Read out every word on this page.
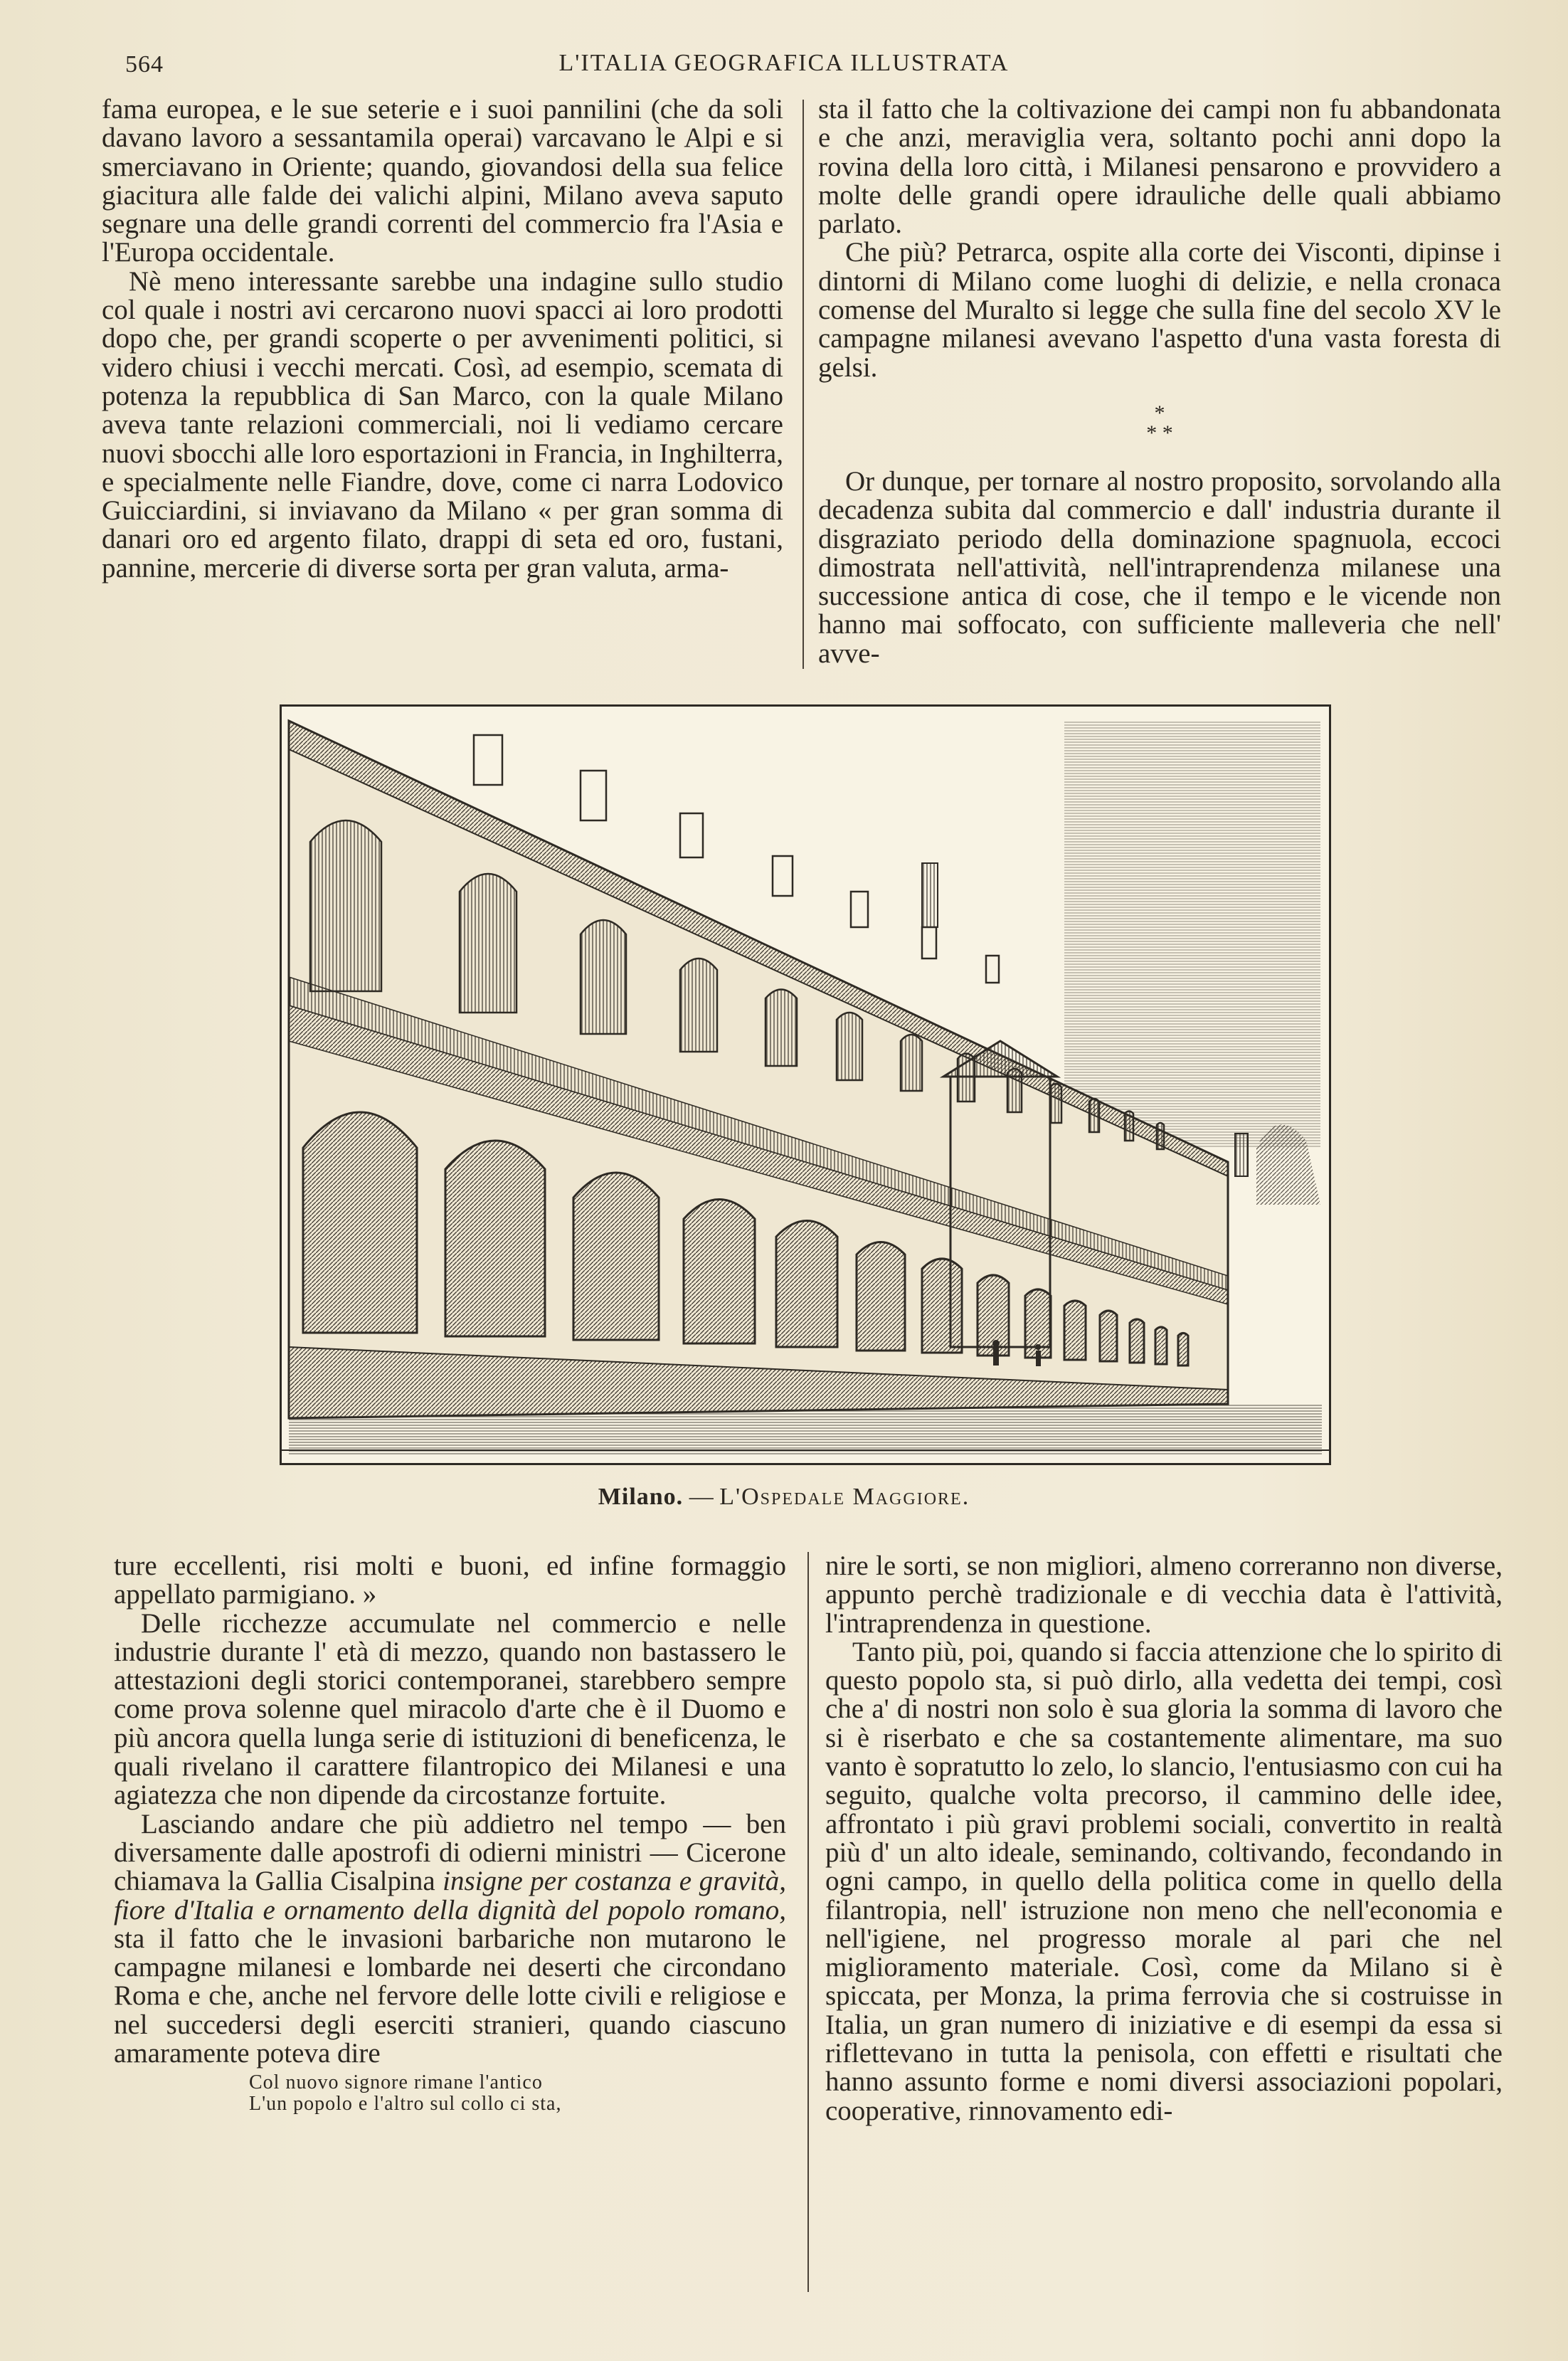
564	L'ITALIA GEOGRAFICA ILLUSTRATA

fama europea, e le sue seterie e i suoi pannilini (che da soli davano lavoro a sessantamila operai) varcavano le Alpi e si smerciavano in Oriente; quando, giovandosi della sua felice giacitura alle falde dei valichi alpini, Milano aveva saputo segnare una delle grandi correnti del commercio fra l'Asia e l'Europa occidentale.

Nè meno interessante sarebbe una indagine sullo studio col quale i nostri avi cercarono nuovi spacci ai loro prodotti dopo che, per grandi scoperte o per avvenimenti politici, si videro chiusi i vecchi mercati. Così, ad esempio, scemata di potenza la repubblica di San Marco, con la quale Milano aveva tante relazioni commerciali, noi li vediamo cercare nuovi sbocchi alle loro esportazioni in Francia, in Inghilterra, e specialmente nelle Fiandre, dove, come ci narra Lodovico Guicciardini, si inviavano da Milano « per gran somma di danari oro ed argento filato, drappi di seta ed oro, fustani, pannine, mercerie di diverse sorta per gran valuta, arma-

sta il fatto che la coltivazione dei campi non fu abbandonata e che anzi, meraviglia vera, soltanto pochi anni dopo la rovina della loro città, i Milanesi pensarono e provvidero a molte delle grandi opere idrauliche delle quali abbiamo parlato.

Che più? Petrarca, ospite alla corte dei Visconti, dipinse i dintorni di Milano come luoghi di delizie, e nella cronaca comense del Muralto si legge che sulla fine del secolo XV le campagne milanesi avevano l'aspetto d'una vasta foresta di gelsi.

*
* *

Or dunque, per tornare al nostro proposito, sorvolando alla decadenza subita dal commercio e dall' industria durante il disgraziato periodo della dominazione spagnuola, eccoci dimostrata nell'attività, nell'intraprendenza milanese una successione antica di cose, che il tempo e le vicende non hanno mai soffocato, con sufficiente malleveria che nell' avve-

Milano. — L'Ospedale Maggiore.

ture eccellenti, risi molti e buoni, ed infine formaggio appellato parmigiano. »

Delle ricchezze accumulate nel commercio e nelle industrie durante l' età di mezzo, quando non bastassero le attestazioni degli storici contemporanei, starebbero sempre come prova solenne quel miracolo d'arte che è il Duomo e più ancora quella lunga serie di istituzioni di beneficenza, le quali rivelano il carattere filantropico dei Milanesi e una agiatezza che non dipende da circostanze fortuite.

Lasciando andare che più addietro nel tempo — ben diversamente dalle apostrofi di odierni ministri — Cicerone chiamava la Gallia Cisalpina insigne per costanza e gravità, fiore d'Italia e ornamento della dignità del popolo romano, sta il fatto che le invasioni barbariche non mutarono le campagne milanesi e lombarde nei deserti che circondano Roma e che, anche nel fervore delle lotte civili e religiose e nel succedersi degli eserciti stranieri, quando ciascuno amaramente poteva dire

Col nuovo signore rimane l'antico
L'un popolo e l'altro sul collo ci sta,

nire le sorti, se non migliori, almeno correranno non diverse, appunto perchè tradizionale e di vecchia data è l'attività, l'intraprendenza in questione.

Tanto più, poi, quando si faccia attenzione che lo spirito di questo popolo sta, si può dirlo, alla vedetta dei tempi, così che a' di nostri non solo è sua gloria la somma di lavoro che si è riserbato e che sa costantemente alimentare, ma suo vanto è sopratutto lo zelo, lo slancio, l'entusiasmo con cui ha seguito, qualche volta precorso, il cammino delle idee, affrontato i più gravi problemi sociali, convertito in realtà più d' un alto ideale, seminando, coltivando, fecondando in ogni campo, in quello della politica come in quello della filantropia, nell' istruzione non meno che nell'economia e nell'igiene, nel progresso morale al pari che nel miglioramento materiale. Così, come da Milano si è spiccata, per Monza, la prima ferrovia che si costruisse in Italia, un gran numero di iniziative e di esempi da essa si riflettevano in tutta la penisola, con effetti e risultati che hanno assunto forme e nomi diversi associazioni popolari, cooperative, rinnovamento edi-
